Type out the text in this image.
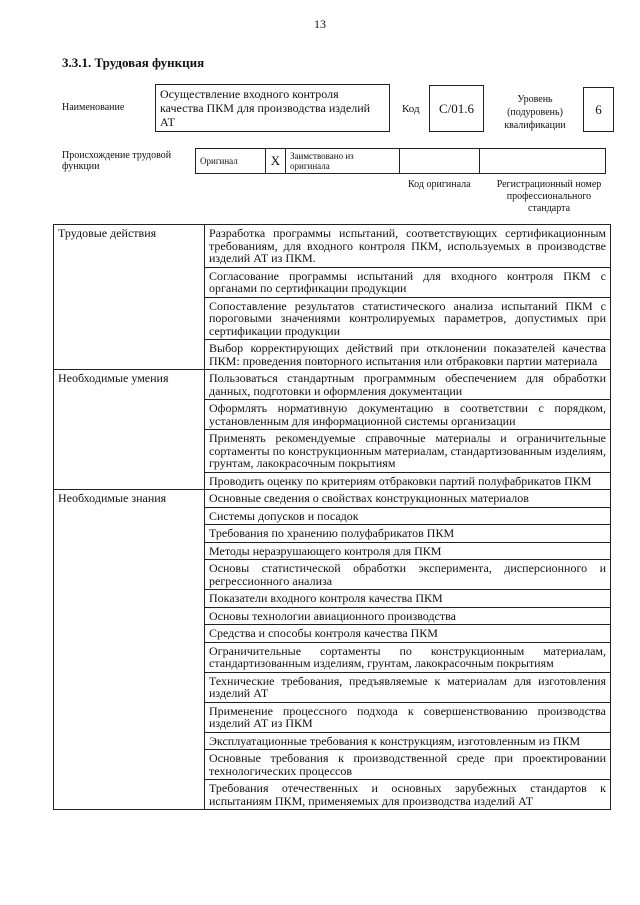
13
3.3.1. Трудовая функция
Наименование
Осуществление входного контроля качества ПКМ для производства изделий АТ
Код С/01.6
Уровень (подуровень) квалификации
6
Происхождение трудовой функции	Оригинал	X	Заимствовано из оригинала		
Код оригинала	Регистрационный номер профессионального стандарта
Трудовые действия	Разработка программы испытаний, соответствующих сертификационным требованиям, для входного контроля ПКМ, используемых в производстве изделий АТ из ПКМ.
	Согласование программы испытаний для входного контроля ПКМ с органами по сертификации продукции
	Сопоставление результатов статистического анализа испытаний ПКМ с пороговыми значениями контролируемых параметров, допустимых при сертификации продукции
	Выбор корректирующих действий при отклонении показателей качества ПКМ: проведения повторного испытания или отбраковки партии материала
Необходимые умения	Пользоваться стандартным программным обеспечением для обработки данных, подготовки и оформления документации
	Оформлять нормативную документацию в соответствии с порядком, установленным для информационной системы организации
	Применять рекомендуемые справочные материалы и ограничительные сортаменты по конструкционным материалам, стандартизованным изделиям, грунтам, лакокрасочным покрытиям
	Проводить оценку по критериям отбраковки партий полуфабрикатов ПКМ
Необходимые знания	Основные сведения о свойствах конструкционных материалов
	Системы допусков и посадок
	Требования по хранению полуфабрикатов ПКМ
	Методы неразрушающего контроля для ПКМ
	Основы статистической обработки эксперимента, дисперсионного и регрессионного анализа
	Показатели входного контроля качества ПКМ
	Основы технологии авиационного производства
	Средства и способы контроля качества ПКМ
	Ограничительные сортаменты по конструкционным материалам, стандартизованным изделиям, грунтам, лакокрасочным покрытиям
	Технические требования, предъявляемые к материалам для изготовления изделий АТ
	Применение процессного подхода к совершенствованию производства изделий АТ из ПКМ
	Эксплуатационные требования к конструкциям, изготовленным из ПКМ
	Основные требования к производственной среде при проектировании технологических процессов
	Требования отечественных и основных зарубежных стандартов к испытаниям ПКМ, применяемых для производства изделий АТ
